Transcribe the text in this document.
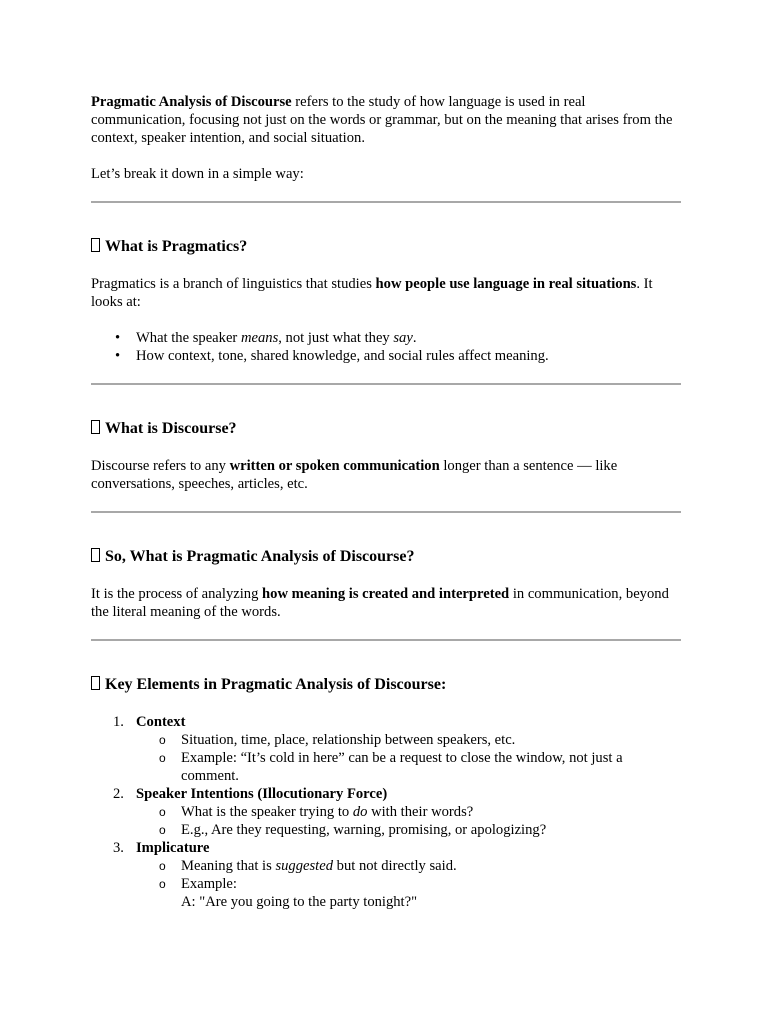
Pragmatic Analysis of Discourse refers to the study of how language is used in real communication, focusing not just on the words or grammar, but on the meaning that arises from the context, speaker intention, and social situation.

Let’s break it down in a simple way:

What is Pragmatics?

Pragmatics is a branch of linguistics that studies how people use language in real situations. It looks at:

• What the speaker means, not just what they say.
• How context, tone, shared knowledge, and social rules affect meaning.
What is Discourse?

Discourse refers to any written or spoken communication longer than a sentence — like conversations, speeches, articles, etc.

So, What is Pragmatic Analysis of Discourse?

It is the process of analyzing how meaning is created and interpreted in communication, beyond the literal meaning of the words.

Key Elements in Pragmatic Analysis of Discourse:
1. Context
o Situation, time, place, relationship between speakers, etc.
o Example: “It’s cold in here” can be a request to close the window, not just a comment.
2. Speaker Intentions (Illocutionary Force)
o What is the speaker trying to do with their words?
o E.g., Are they requesting, warning, promising, or apologizing?
3. Implicature
o Meaning that is suggested but not directly said.
o Example:
A: "Are you going to the party tonight?"
